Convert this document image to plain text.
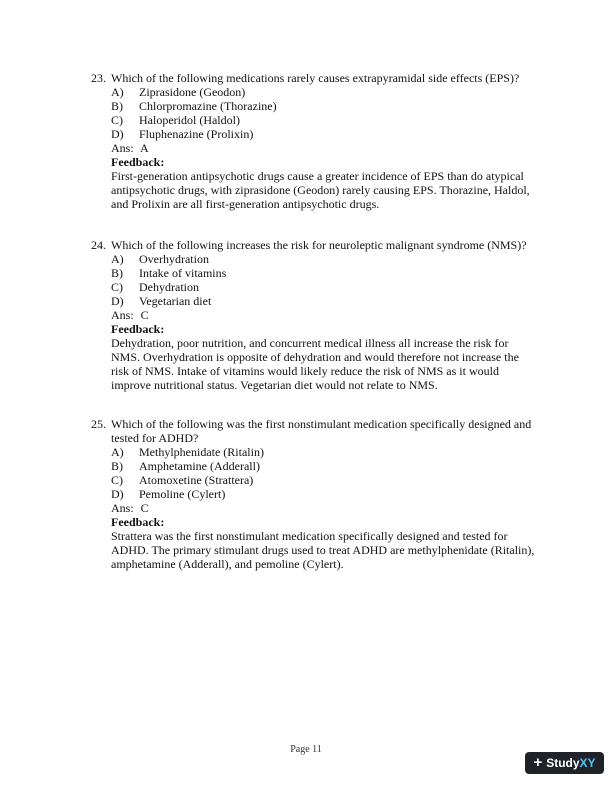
23. Which of the following medications rarely causes extrapyramidal side effects (EPS)?
A)	Ziprasidone (Geodon)
B)	Chlorpromazine (Thorazine)
C)	Haloperidol (Haldol)
D)	Fluphenazine (Prolixin)
Ans: A
Feedback:
First-generation antipsychotic drugs cause a greater incidence of EPS than do atypical
antipsychotic drugs, with ziprasidone (Geodon) rarely causing EPS. Thorazine, Haldol,
and Prolixin are all first-generation antipsychotic drugs.
24. Which of the following increases the risk for neuroleptic malignant syndrome (NMS)?
A)	Overhydration
B)	Intake of vitamins
C)	Dehydration
D)	Vegetarian diet
Ans: C
Feedback:
Dehydration, poor nutrition, and concurrent medical illness all increase the risk for
NMS. Overhydration is opposite of dehydration and would therefore not increase the
risk of NMS. Intake of vitamins would likely reduce the risk of NMS as it would
improve nutritional status. Vegetarian diet would not relate to NMS.
25. Which of the following was the first nonstimulant medication specifically designed and
tested for ADHD?
A)	Methylphenidate (Ritalin)
B)	Amphetamine (Adderall)
C)	Atomoxetine (Strattera)
D)	Pemoline (Cylert)
Ans: C
Feedback:
Strattera was the first nonstimulant medication specifically designed and tested for
ADHD. The primary stimulant drugs used to treat ADHD are methylphenidate (Ritalin),
amphetamine (Adderall), and pemoline (Cylert).
Page 11
+ Study XY
